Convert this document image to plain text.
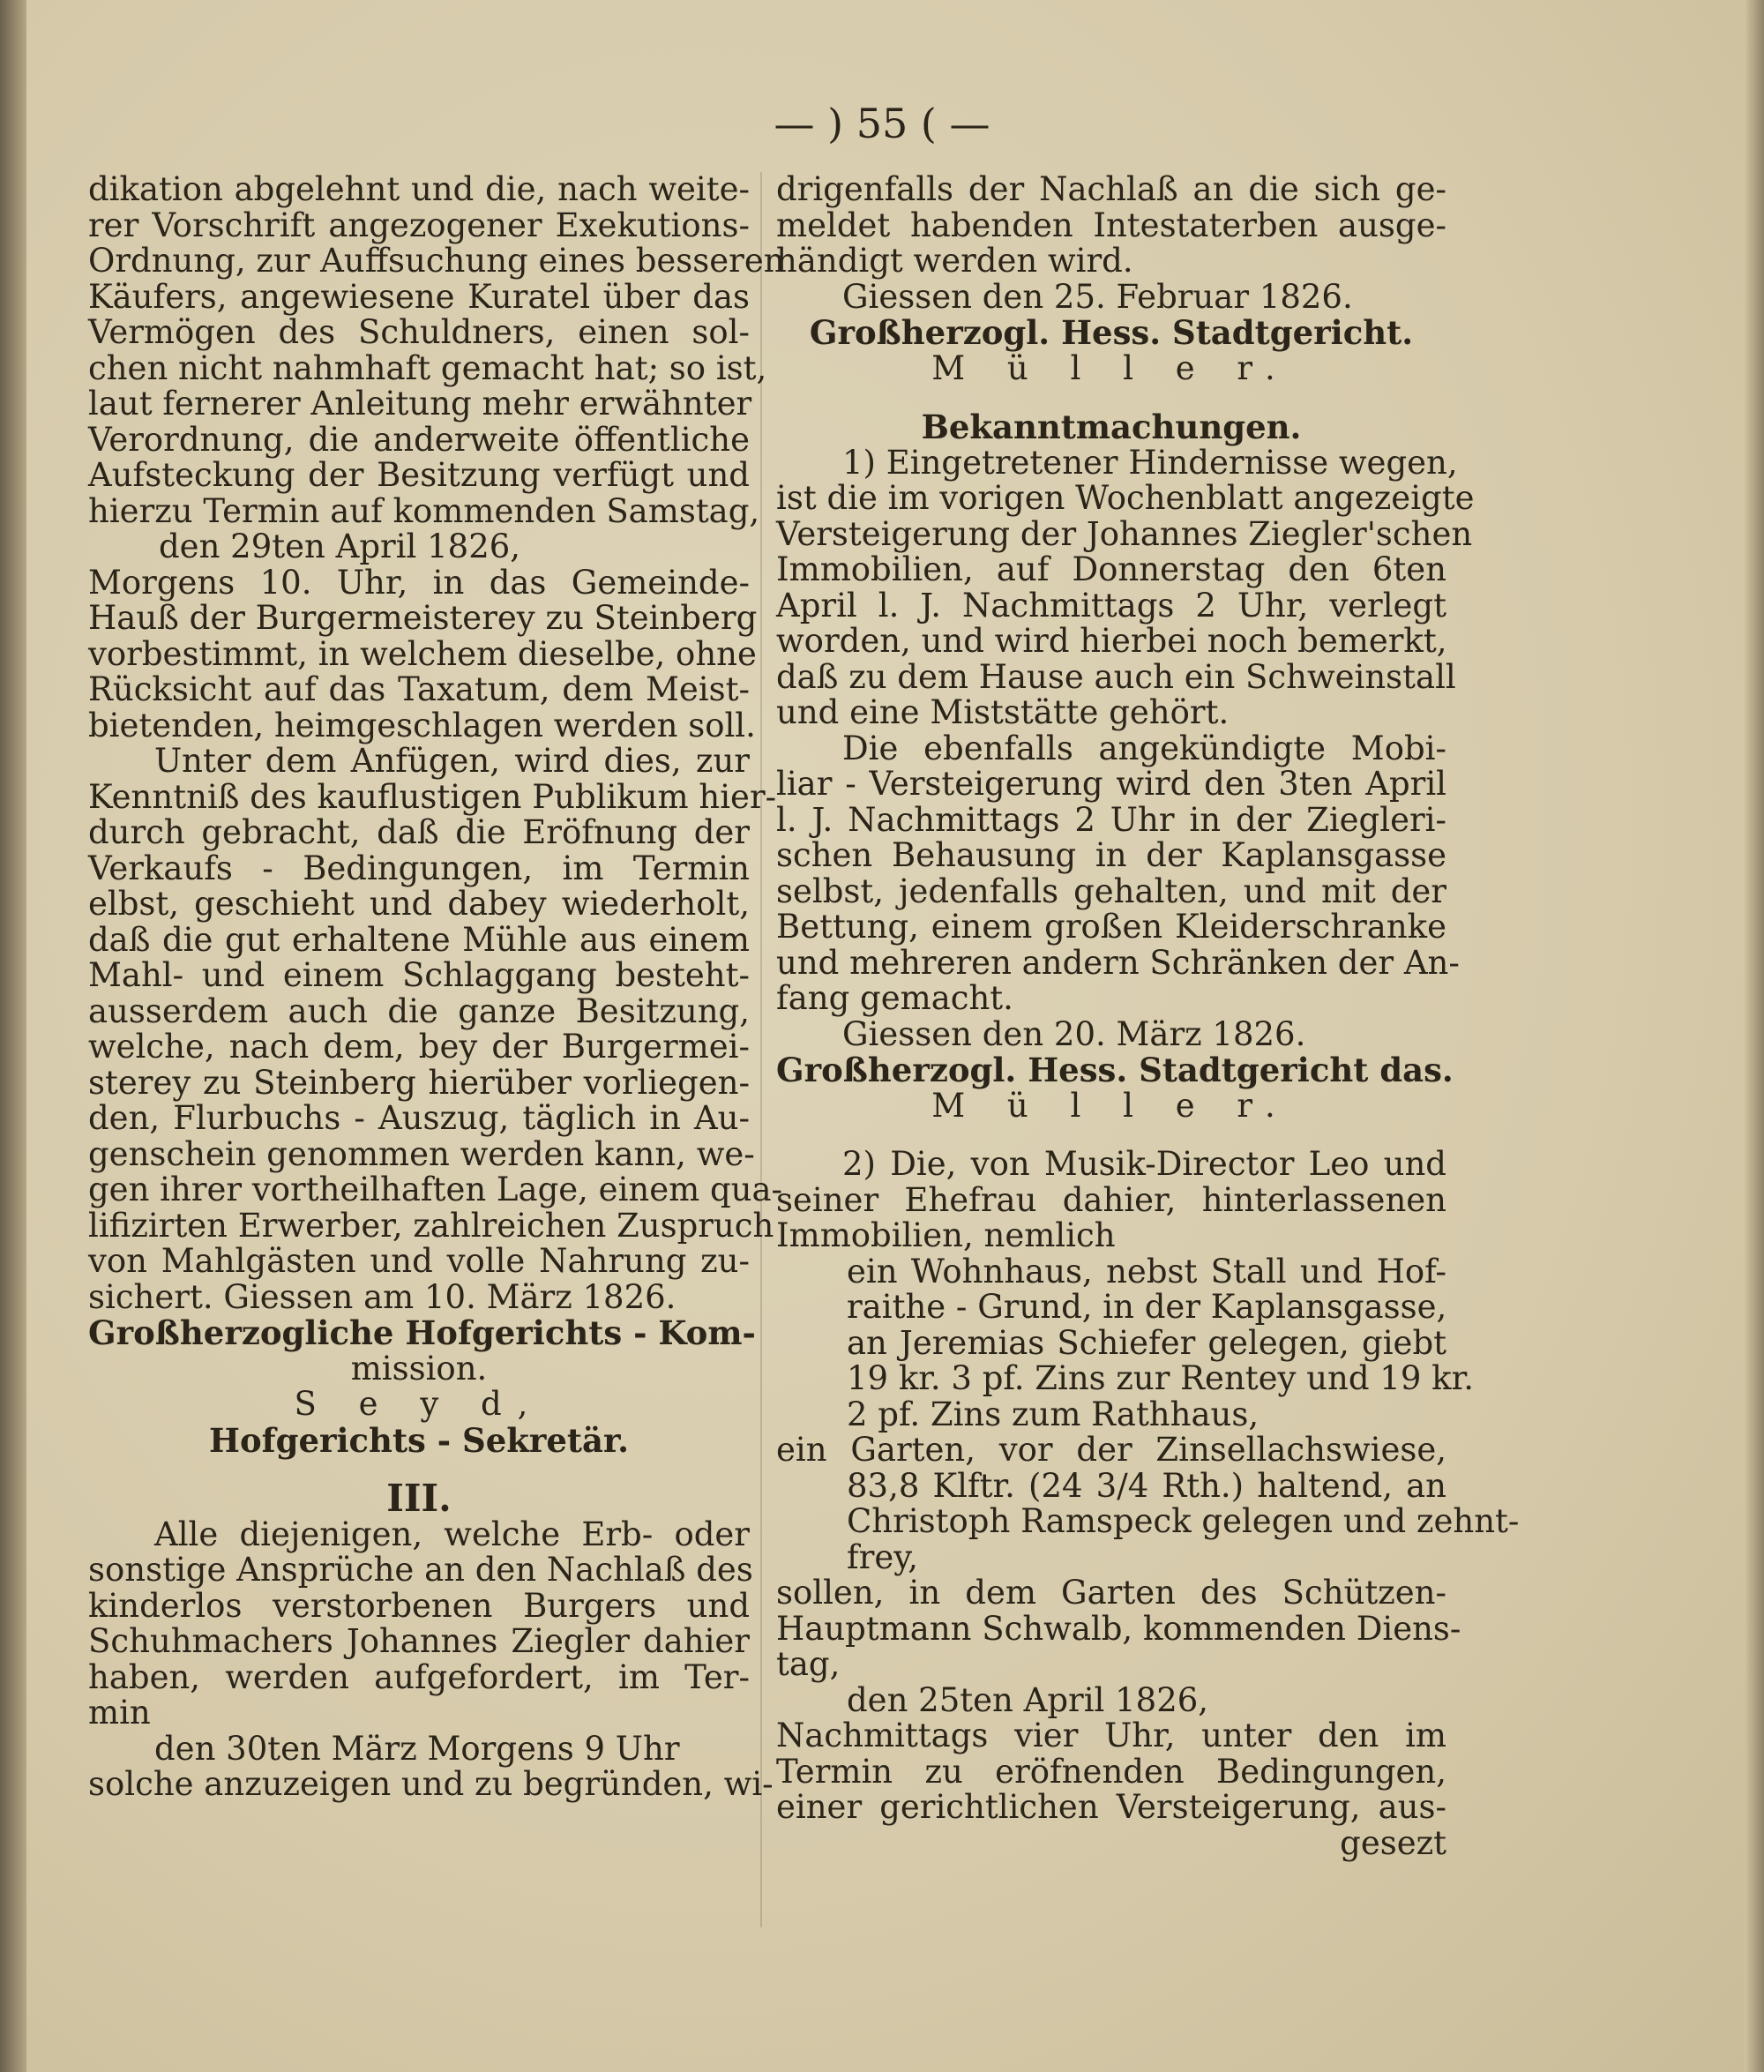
— ) 55 ( —
dikation abgelehnt und die, nach weite-
rer Vorschrift angezogener Exekutions-
Ordnung, zur Auffsuchung eines besseren
Käufers, angewiesene Kuratel über das
Vermögen des Schuldners, einen sol-
chen nicht nahmhaft gemacht hat; so ist,
laut fernerer Anleitung mehr erwähnter
Verordnung, die anderweite öffentliche
Aufsteckung der Besitzung verfügt und
hierzu Termin auf kommenden Samstag,
den 29ten April 1826,
Morgens 10. Uhr, in das Gemeinde-
Hauß der Burgermeisterey zu Steinberg
vorbestimmt, in welchem dieselbe, ohne
Rücksicht auf das Taxatum, dem Meist-
bietenden, heimgeschlagen werden soll.
Unter dem Anfügen, wird dies, zur
Kenntniß des kauflustigen Publikum hier-
durch gebracht, daß die Eröfnung der
Verkaufs - Bedingungen, im Termin
elbst, geschieht und dabey wiederholt,
daß die gut erhaltene Mühle aus einem
Mahl- und einem Schlaggang besteht-
ausserdem auch die ganze Besitzung,
welche, nach dem, bey der Burgermei-
sterey zu Steinberg hierüber vorliegen-
den, Flurbuchs - Auszug, täglich in Au-
genschein genommen werden kann, we-
gen ihrer vortheilhaften Lage, einem qua-
lifizirten Erwerber, zahlreichen Zuspruch
von Mahlgästen und volle Nahrung zu-
sichert. Giessen am 10. März 1826.
Großherzogliche Hofgerichts - Kom-
mission.
S e y d,
Hofgerichts - Sekretär.
III.
Alle diejenigen, welche Erb- oder
sonstige Ansprüche an den Nachlaß des
kinderlos verstorbenen Burgers und
Schuhmachers Johannes Ziegler dahier
haben, werden aufgefordert, im Ter-
min
den 30ten März Morgens 9 Uhr
solche anzuzeigen und zu begründen, wi-
drigenfalls der Nachlaß an die sich ge-
meldet habenden Intestaterben ausge-
händigt werden wird.
Giessen den 25. Februar 1826.
Großherzogl. Hess. Stadtgericht.
M ü l l e r.
Bekanntmachungen.
1) Eingetretener Hindernisse wegen,
ist die im vorigen Wochenblatt angezeigte
Versteigerung der Johannes Ziegler'schen
Immobilien, auf Donnerstag den 6ten
April l. J. Nachmittags 2 Uhr, verlegt
worden, und wird hierbei noch bemerkt,
daß zu dem Hause auch ein Schweinstall
und eine Miststätte gehört.
Die ebenfalls angekündigte Mobi-
liar - Versteigerung wird den 3ten April
l. J. Nachmittags 2 Uhr in der Ziegleri-
schen Behausung in der Kaplansgasse
selbst, jedenfalls gehalten, und mit der
Bettung, einem großen Kleiderschranke
und mehreren andern Schränken der An-
fang gemacht.
Giessen den 20. März 1826.
Großherzogl. Hess. Stadtgericht das.
M ü l l e r.
2) Die, von Musik-Director Leo und
seiner Ehefrau dahier, hinterlassenen
Immobilien, nemlich
ein Wohnhaus, nebst Stall und Hof-
raithe - Grund, in der Kaplansgasse,
an Jeremias Schiefer gelegen, giebt
19 kr. 3 pf. Zins zur Rentey und 19 kr.
2 pf. Zins zum Rathhaus,
ein Garten, vor der Zinsellachswiese,
83,8 Klftr. (24 3/4 Rth.) haltend, an
Christoph Ramspeck gelegen und zehnt-
frey,
sollen, in dem Garten des Schützen-
Hauptmann Schwalb, kommenden Diens-
tag,
den 25ten April 1826,
Nachmittags vier Uhr, unter den im
Termin zu eröfnenden Bedingungen,
einer gerichtlichen Versteigerung, aus-
gesezt
